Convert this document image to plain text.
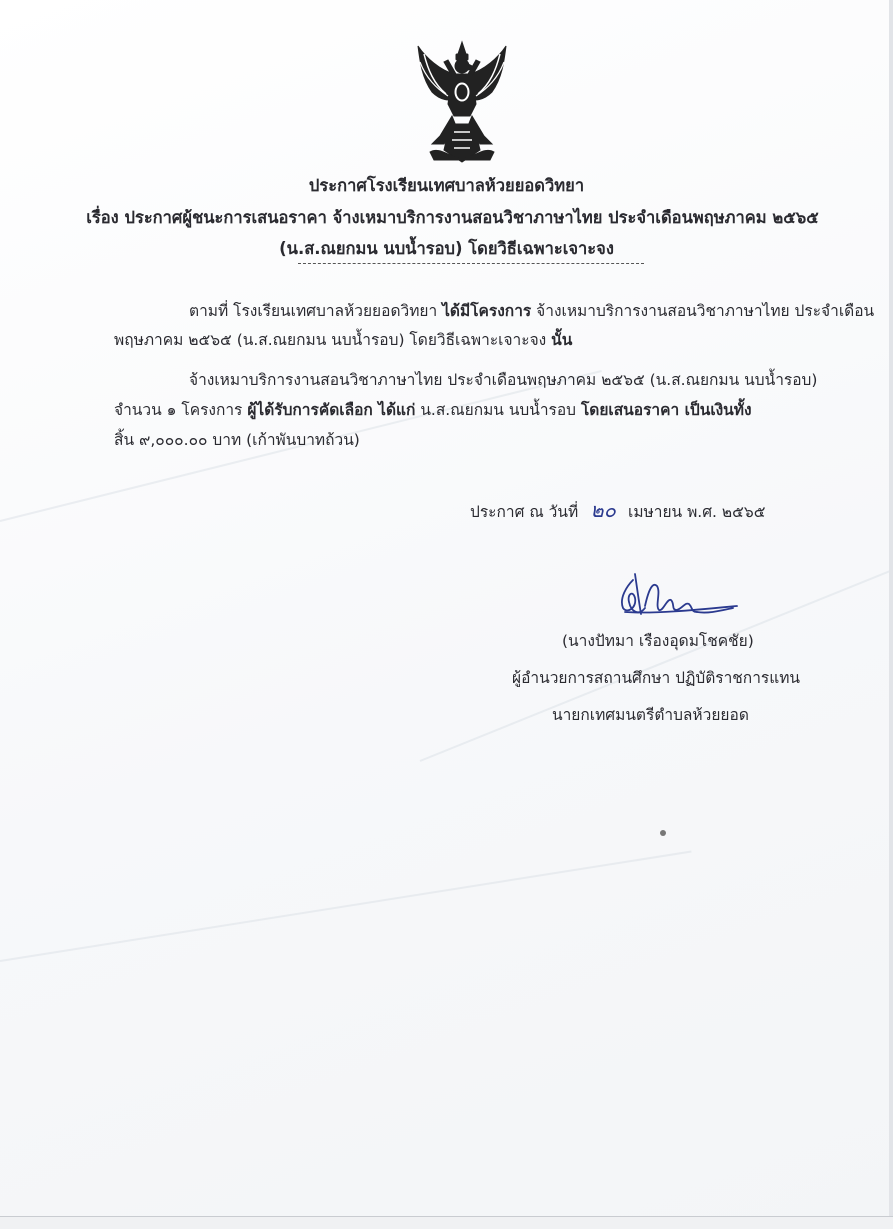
ประกาศโรงเรียนเทศบาลห้วยยอดวิทยา
เรื่อง ประกาศผู้ชนะการเสนอราคา จ้างเหมาบริการงานสอนวิชาภาษาไทย ประจำเดือนพฤษภาคม ๒๕๖๕
(น.ส.ณยกมน นบน้ำรอบ) โดยวิธีเฉพาะเจาะจง
ตามที่ โรงเรียนเทศบาลห้วยยอดวิทยา ได้มีโครงการ จ้างเหมาบริการงานสอนวิชาภาษาไทย ประจำเดือน
พฤษภาคม ๒๕๖๕ (น.ส.ณยกมน นบน้ำรอบ) โดยวิธีเฉพาะเจาะจง นั้น
จ้างเหมาบริการงานสอนวิชาภาษาไทย ประจำเดือนพฤษภาคม ๒๕๖๕ (น.ส.ณยกมน นบน้ำรอบ)
จำนวน ๑ โครงการ ผู้ได้รับการคัดเลือก ได้แก่ น.ส.ณยกมน นบน้ำรอบ โดยเสนอราคา เป็นเงินทั้ง
สิ้น ๙,๐๐๐.๐๐ บาท (เก้าพันบาทถ้วน)
ประกาศ ณ วันที่ ๒๐ เมษายน พ.ศ. ๒๕๖๕
(นางปัทมา เรืองอุดมโชคชัย)
ผู้อำนวยการสถานศึกษา ปฏิบัติราชการแทน
นายกเทศมนตรีตำบลห้วยยอด
